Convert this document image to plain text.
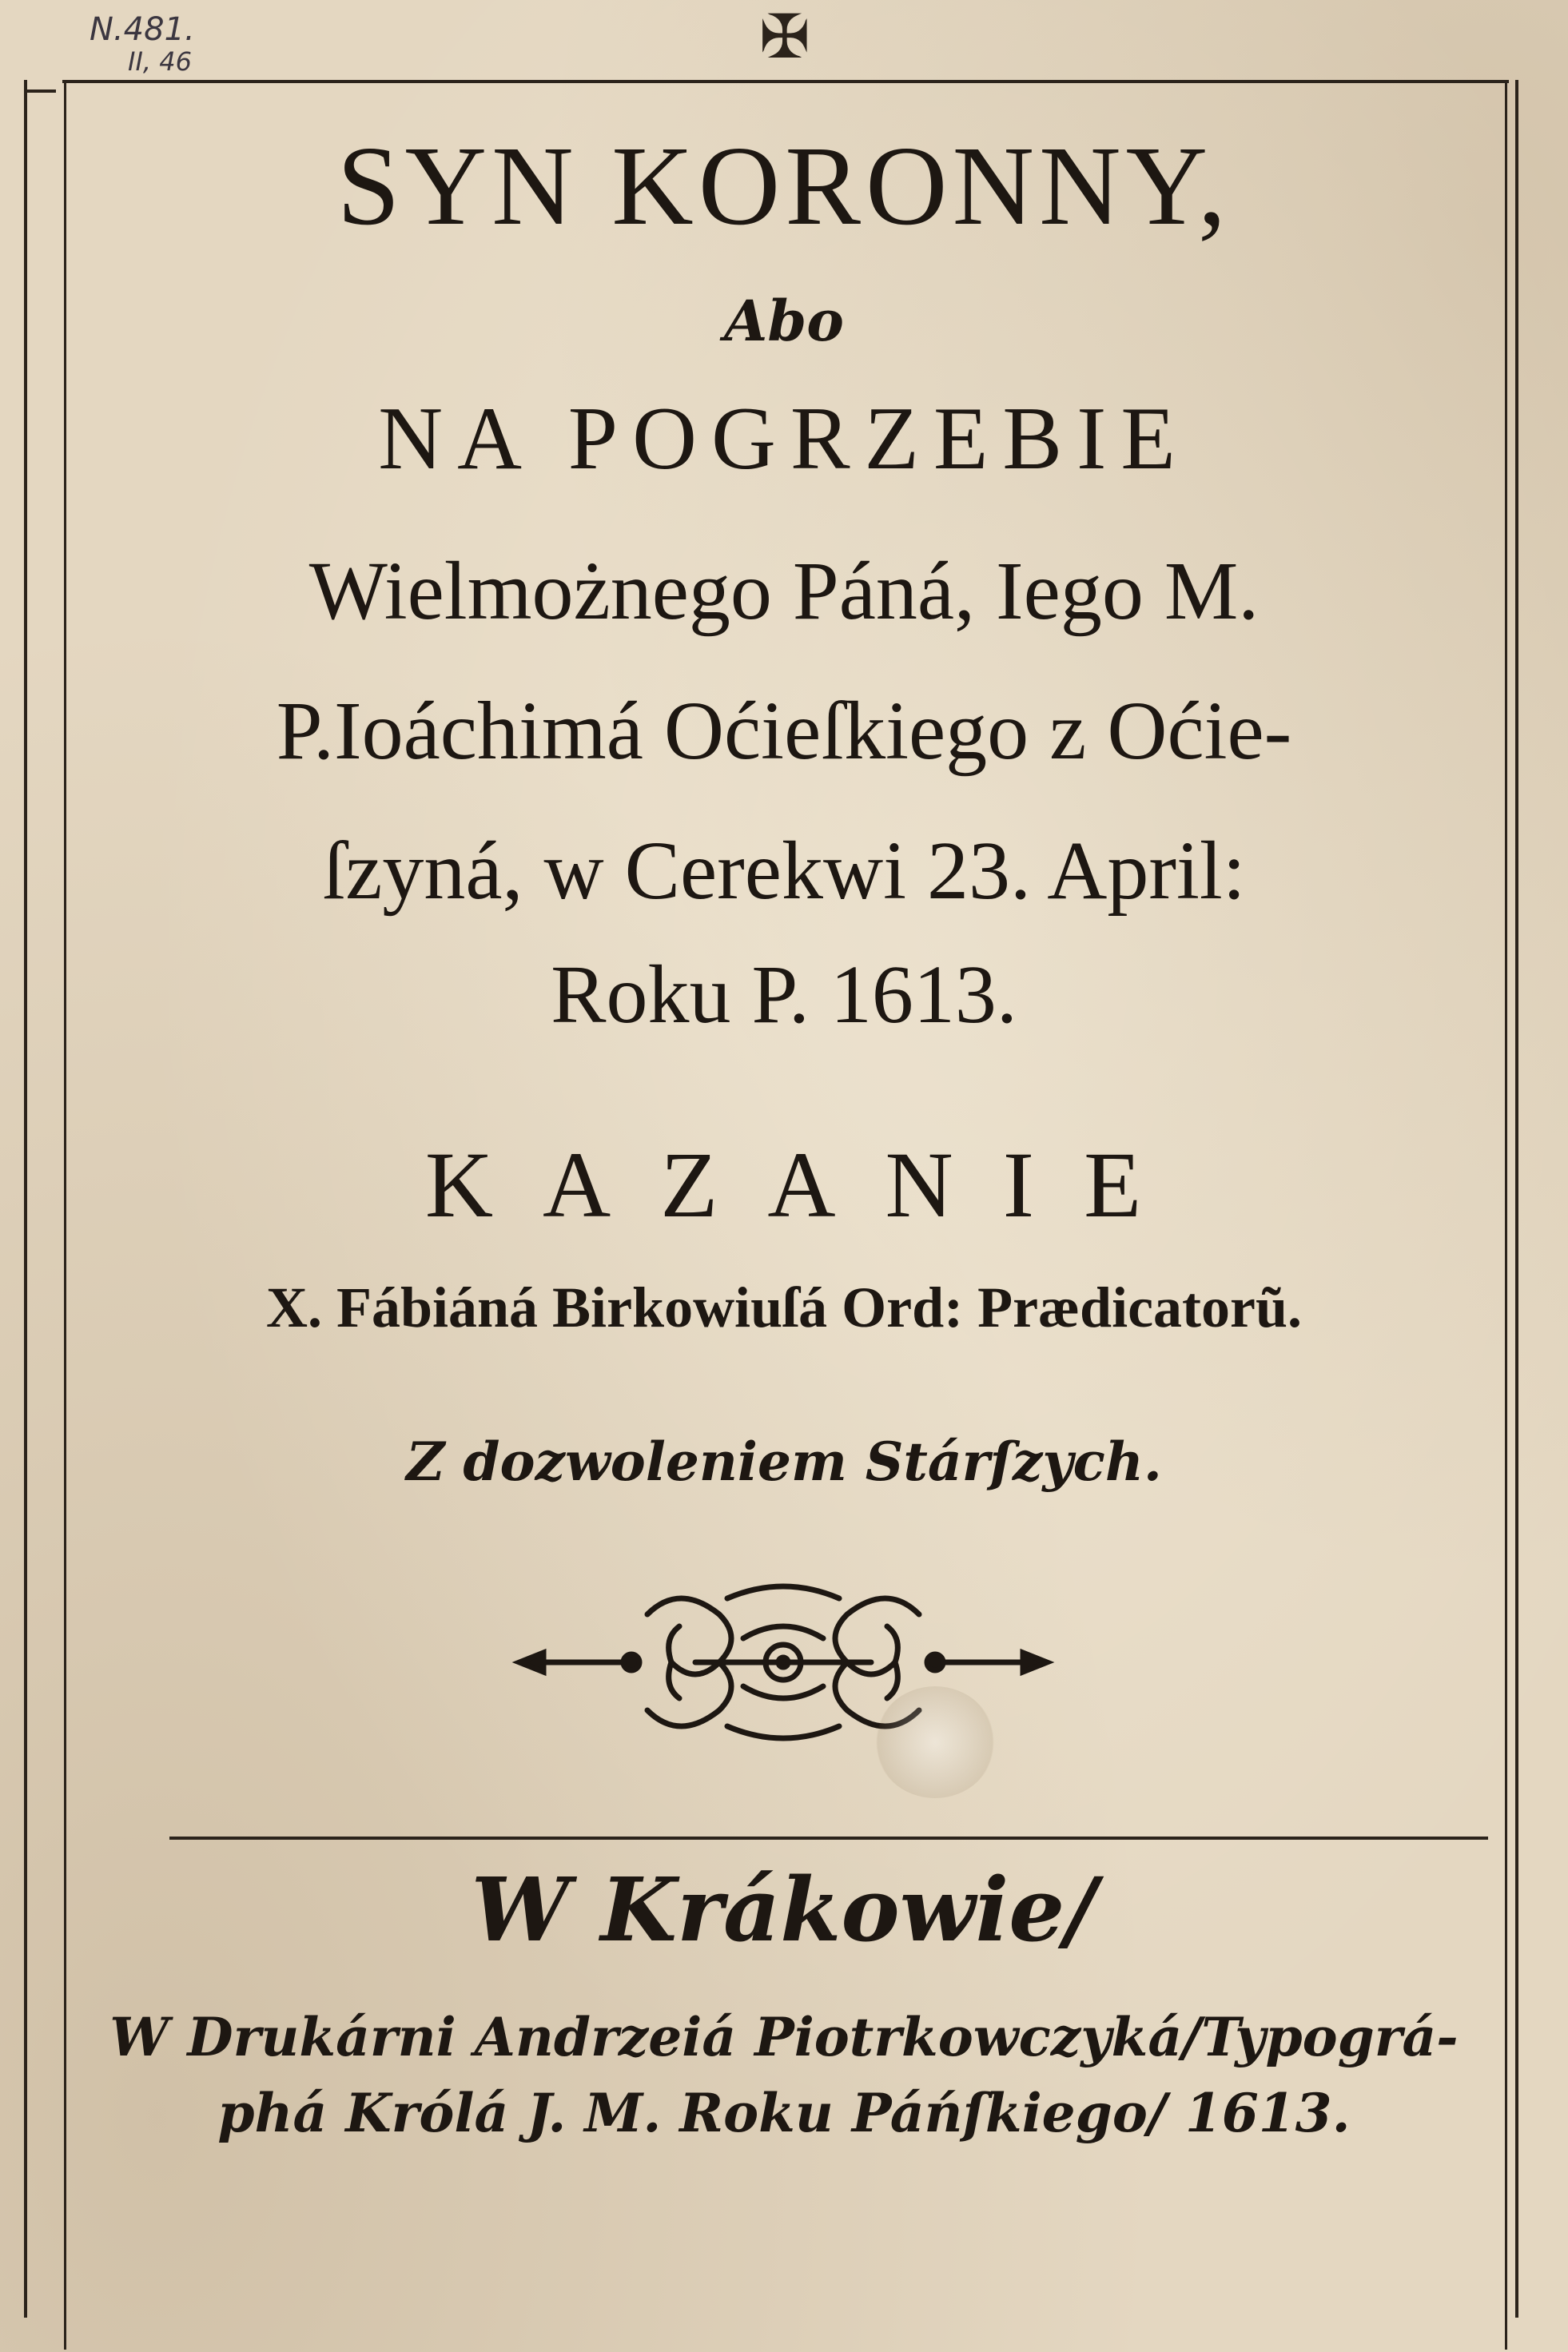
N.481.
II, 46	✠
SYN KORONNY,
Abo
NA POGRZEBIE
Wielmożnego Páná, Iego M.
P.Ioáchimá Oćieſkiego z Oćie-
ſzyná, w Cerekwi 23. April:
Roku P. 1613.
KAZANIE
X. Fábiáná Birkowiuſá Ord: Prædicatorũ.
Z dozwoleniem Stárſzych.
W Krákowie/
W Drukárni Andrzeiá Piotrkowczyká/Typográ-
phá Królá J. M. Roku Páńſkiego/ 1613.
